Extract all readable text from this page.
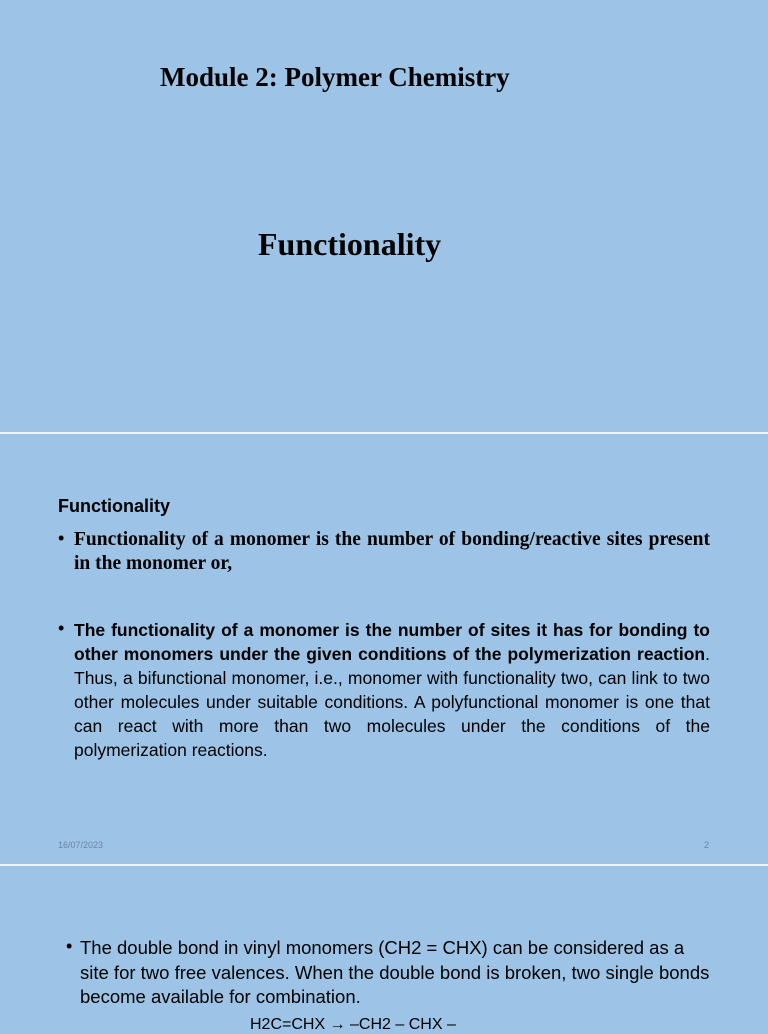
Module 2: Polymer Chemistry
Functionality
Functionality
• Functionality of a monomer is the number of bonding/reactive sites present in the monomer or,
• The functionality of a monomer is the number of sites it has for bonding to other monomers under the given conditions of the polymerization reaction. Thus, a bifunctional monomer, i.e., monomer with functionality two, can link to two other molecules under suitable conditions. A polyfunctional monomer is one that can react with more than two molecules under the conditions of the polymerization reactions.
16/07/2023	2
• The double bond in vinyl monomers (CH2 = CHX) can be considered as a site for two free valences. When the double bond is broken, two single bonds become available for combination.
H2C=CHX → –CH2 – CHX –
